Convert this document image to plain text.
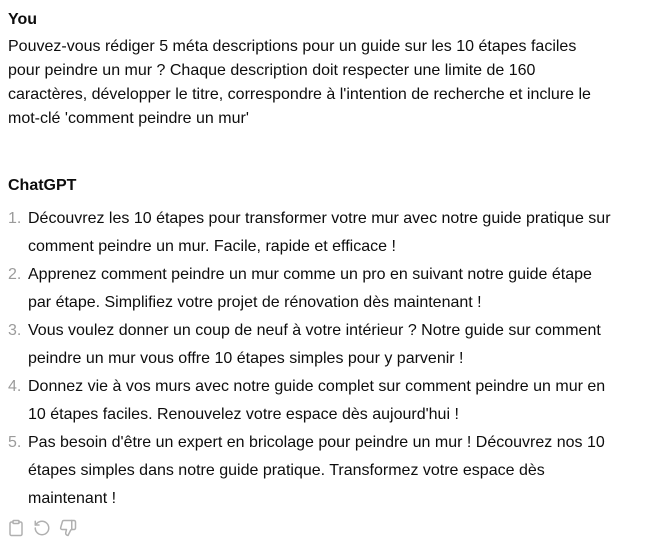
You

Pouvez-vous rédiger 5 méta descriptions pour un guide sur les 10 étapes faciles pour peindre un mur ? Chaque description doit respecter une limite de 160 caractères, développer le titre, correspondre à l'intention de recherche et inclure le mot-clé 'comment peindre un mur'

ChatGPT
1. Découvrez les 10 étapes pour transformer votre mur avec notre guide pratique sur comment peindre un mur. Facile, rapide et efficace !
2. Apprenez comment peindre un mur comme un pro en suivant notre guide étape par étape. Simplifiez votre projet de rénovation dès maintenant !
3. Vous voulez donner un coup de neuf à votre intérieur ? Notre guide sur comment peindre un mur vous offre 10 étapes simples pour y parvenir !
4. Donnez vie à vos murs avec notre guide complet sur comment peindre un mur en 10 étapes faciles. Renouvelez votre espace dès aujourd'hui !
5. Pas besoin d'être un expert en bricolage pour peindre un mur ! Découvrez nos 10 étapes simples dans notre guide pratique. Transformez votre espace dès maintenant !
